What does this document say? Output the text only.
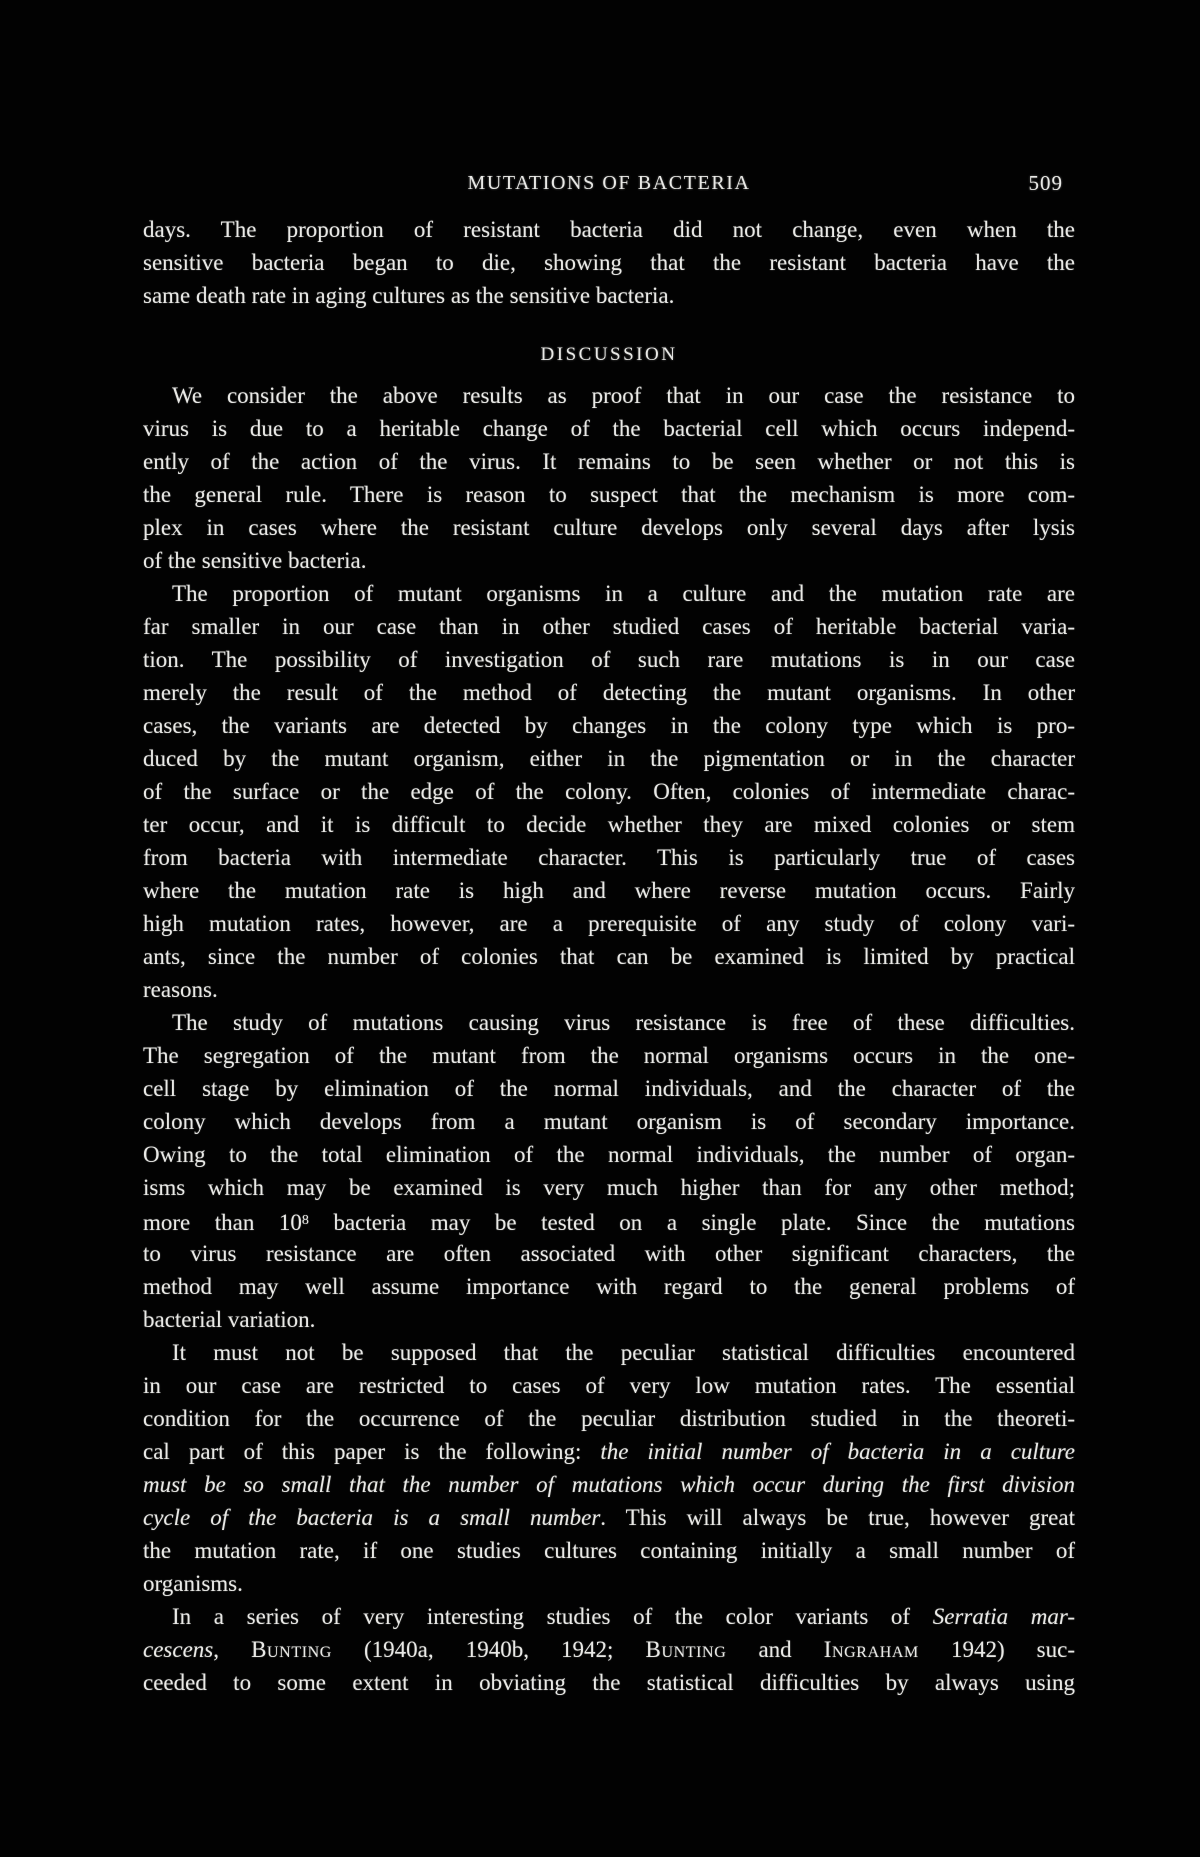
MUTATIONS OF BACTERIA	509
days. The proportion of resistant bacteria did not change, even when the
sensitive bacteria began to die, showing that the resistant bacteria have the
same death rate in aging cultures as the sensitive bacteria.
DISCUSSION
We consider the above results as proof that in our case the resistance to
virus is due to a heritable change of the bacterial cell which occurs independ-
ently of the action of the virus. It remains to be seen whether or not this is
the general rule. There is reason to suspect that the mechanism is more com-
plex in cases where the resistant culture develops only several days after lysis
of the sensitive bacteria.
The proportion of mutant organisms in a culture and the mutation rate are
far smaller in our case than in other studied cases of heritable bacterial varia-
tion. The possibility of investigation of such rare mutations is in our case
merely the result of the method of detecting the mutant organisms. In other
cases, the variants are detected by changes in the colony type which is pro-
duced by the mutant organism, either in the pigmentation or in the character
of the surface or the edge of the colony. Often, colonies of intermediate charac-
ter occur, and it is difficult to decide whether they are mixed colonies or stem
from bacteria with intermediate character. This is particularly true of cases
where the mutation rate is high and where reverse mutation occurs. Fairly
high mutation rates, however, are a prerequisite of any study of colony vari-
ants, since the number of colonies that can be examined is limited by practical
reasons.
The study of mutations causing virus resistance is free of these difficulties.
The segregation of the mutant from the normal organisms occurs in the one-
cell stage by elimination of the normal individuals, and the character of the
colony which develops from a mutant organism is of secondary importance.
Owing to the total elimination of the normal individuals, the number of organ-
isms which may be examined is very much higher than for any other method;
more than $10^8$ bacteria may be tested on a single plate. Since the mutations
to virus resistance are often associated with other significant characters, the
method may well assume importance with regard to the general problems of
bacterial variation.
It must not be supposed that the peculiar statistical difficulties encountered
in our case are restricted to cases of very low mutation rates. The essential
condition for the occurrence of the peculiar distribution studied in the theoreti-
cal part of this paper is the following: the initial number of bacteria in a culture
must be so small that the number of mutations which occur during the first division
cycle of the bacteria is a small number. This will always be true, however great
the mutation rate, if one studies cultures containing initially a small number of
organisms.
In a series of very interesting studies of the color variants of Serratia mar-
cescens, Bunting (1940a, 1940b, 1942; Bunting and Ingraham 1942) suc-
ceeded to some extent in obviating the statistical difficulties by always using
